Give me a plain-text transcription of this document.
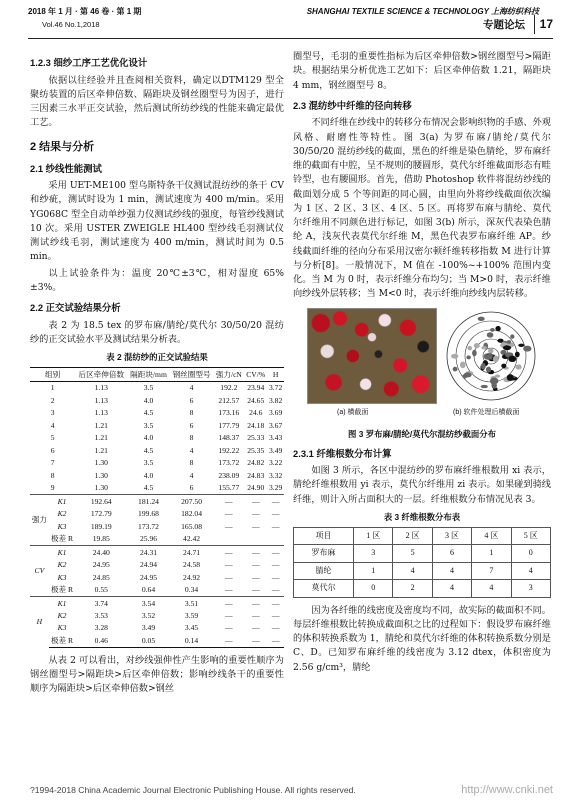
2018 年 1 月 · 第 46 卷 · 第 1 期
Vol.46 No.1,2018
SHANGHAI TEXTILE SCIENCE & TECHNOLOGY 上海纺织科技
专题论坛	17
1.2.3 细纱工序工艺优化设计

依据以往经验并且查阅相关资料，确定以DTM129 型全聚纺装置的后区牵伸倍数、隔距块及钢丝圈型号为因子，进行三因素三水平正交试验，然后测试所纺纱线的性能来确定最优工艺。

2 结果与分析
2.1 纱线性能测试

采用 UET-ME100 型乌斯特条干仪测试混纺纱的条干 CV 和纱疵，测试时设为 1 min，测试速度为 400 m/min。采用 YG068C 型全自动单纱强力仪测试纱线的强度，每管纱线测试 10 次。采用 USTER ZWEIGLE HL400 型纱线毛羽测试仪测试纱线毛羽，测试速度为 400 m/min，测试时间为 0.5 min。

以上试验条件为：温度 20℃±3℃，相对湿度 65%±3%。

2.2 正交试验结果分析

表 2 为 18.5 tex 的罗布麻/腈纶/莫代尔 30/50/20 混纺纱的正交试验水平及测试结果分析表。

表 2 混纺纱的正交试验结果
组别		后区牵伸倍数	隔距块/mm	钢丝圈型号	强力/cN	CV/%	H
1		1.13	3.5	4	192.2	23.94	3.72
2		1.13	4.0	6	212.57	24.65	3.82
3		1.13	4.5	8	173.16	24.6	3.69
4		1.21	3.5	6	177.79	24.18	3.67
5		1.21	4.0	8	148.37	25.33	3.43
6		1.21	4.5	4	192.22	25.35	3.49
7		1.30	3.5	8	173.72	24.82	3.22
8		1.30	4.0	4	238.09	24.83	3.32
9		1.30	4.5	6	155.77	24.90	3.29
强力	K1	192.64	181.24	207.50	—	—	—
	K2	172.79	199.68	182.04	—	—	—
	K3	189.19	173.72	165.08	—	—	—
	极差 R	19.85	25.96	42.42			
CV	K1	24.40	24.31	24.71	—	—	—
	K2	24.95	24.94	24.58	—	—	—
	K3	24.85	24.95	24.92	—	—	—
	极差 R	0.55	0.64	0.34	—	—	—
H	K1	3.74	3.54	3.51	—	—	—
	K2	3.53	3.52	3.59	—	—	—
	K3	3.28	3.49	3.45	—	—	—
	极差 R	0.46	0.05	0.14	—	—	—

从表 2 可以看出，对纱线强伸性产生影响的重要性顺序为钢丝圈型号>隔距块>后区牵伸倍数；影响纱线条干的重要性顺序为隔距块>后区牵伸倍数>钢丝

圈型号，毛羽的重要性指标为后区牵伸倍数>钢丝圈型号>隔距块。根据结果分析优选工艺如下：后区牵伸倍数 1.21，隔距块 4 mm，钢丝圈型号 8。

2.3 混纺纱中纤维的径向转移

不同纤维在纱线中的转移分布情况会影响织物的手感、外观风格、耐磨性等特性。图 3(a) 为罗布麻/腈纶/莫代尔 30/50/20 混纺纱线的截面，黑色的纤维是染色腈纶，罗布麻纤维的截面有中腔，呈不规则的腰圆形，莫代尔纤维截面形态有畦铃型，也有腰圆形。首先，借助 Photoshop 软件将混纺纱线的截面划分成 5 个等间距的同心圆，由里向外将纱线截面依次编为 1 区、2 区、3 区、4 区、5 区。再将罗布麻与腈纶、莫代尔纤维用不同颜色进行标记，如图 3(b) 所示，深灰代表染色腈纶 A，浅灰代表莫代尔纤维 M，黑色代表罗布麻纤维 AP。纱线截面纤维的径向分布采用汉密尔顿纤维转移指数 M 进行计算与分析[8]。一般情况下，M 值在 -100%~+100% 范围内变化。当 M 为 0 时，表示纤维分布均匀；当 M>0 时，表示纤维向纱线外层转移；当 M<0 时，表示纤维向纱线内层转移。

(a) 横截面	(b) 软件处理后横截面
图 3 罗布麻/腈纶/莫代尔混纺纱截面分布
2.3.1 纤维根数分布计算

如图 3 所示，各区中混纺纱的罗布麻纤维根数用 xi 表示，腈纶纤维根数用 yi 表示，莫代尔纤维用 zi 表示。如果碰到骑线纤维，则计入所占面积大的一层。纤维根数分布情况见表 3。

表 3 纤维根数分布表
项目	1 区	2 区	3 区	4 区	5 区
罗布麻	3	5	6	1	0
腈纶	1	4	4	7	4
莫代尔	0	2	4	4	3

因为各纤维的线密度及密度均不同，故实际的截面积不同。每层纤维根数比转换成截面积之比的过程如下：假设罗布麻纤维的体积转换系数为 1，腈纶和莫代尔纤维的体积转换系数分别是 C、D。已知罗布麻纤维的线密度为 3.12 dtex，体积密度为 2.56 g/cm³，腈纶

?1994-2018 China Academic Journal Electronic Publishing House. All rights reserved.	http://www.cnki.net
